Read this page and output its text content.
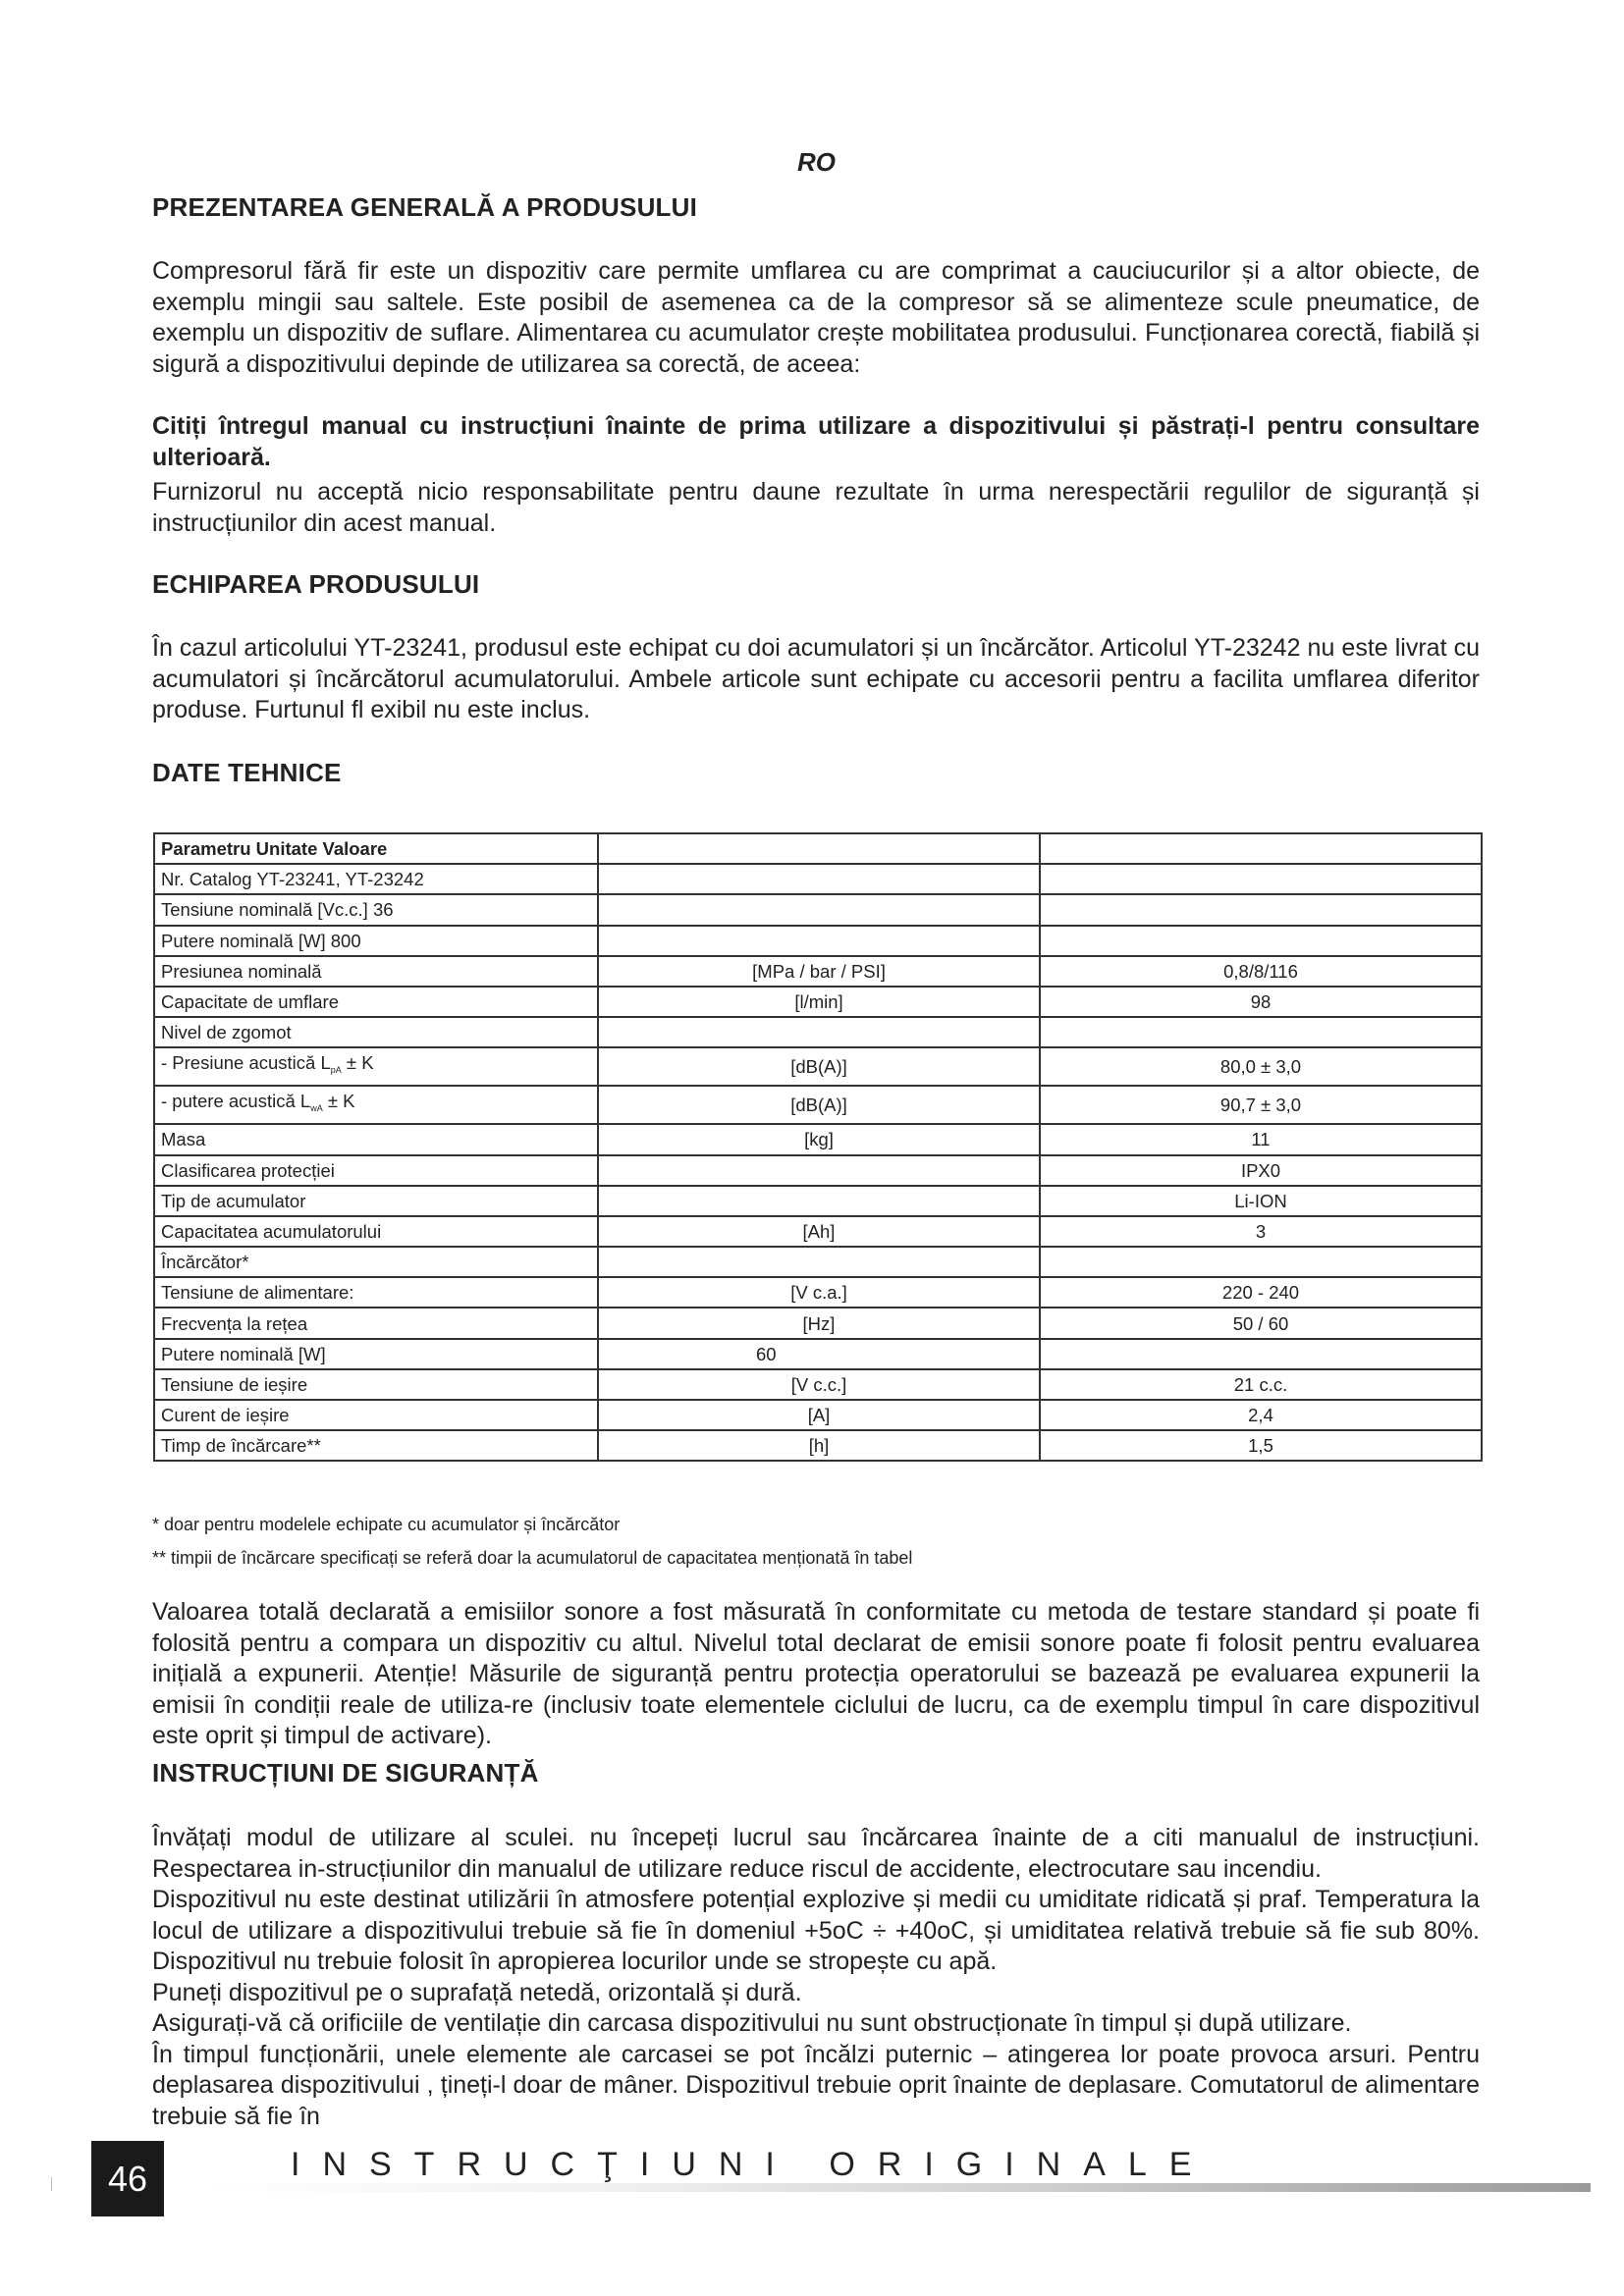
RO
PREZENTAREA GENERALĂ A PRODUSULUI

Compresorul fără fir este un dispozitiv care permite umflarea cu are comprimat a cauciucurilor și a altor obiecte, de exemplu mingii sau saltele. Este posibil de asemenea ca de la compresor să se alimenteze scule pneumatice, de exemplu un dispozitiv de suflare. Alimentarea cu acumulator crește mobilitatea produsului. Funcționarea corectă, fiabilă și sigură a dispozitivului depinde de utilizarea sa corectă, de aceea:

Citiți întregul manual cu instrucțiuni înainte de prima utilizare a dispozitivului și păstrați-l pentru consultare ulterioară.

Furnizorul nu acceptă nicio responsabilitate pentru daune rezultate în urma nerespectării regulilor de siguranță și instrucțiunilor din acest manual.

ECHIPAREA PRODUSULUI

În cazul articolului YT-23241, produsul este echipat cu doi acumulatori și un încărcător. Articolul YT-23242 nu este livrat cu acumulatori și încărcătorul acumulatorului. Ambele articole sunt echipate cu accesorii pentru a facilita umflarea diferitor produse. Furtunul fl exibil nu este inclus.

DATE TEHNICE
Parametru Unitate Valoare		
Nr. Catalog YT-23241, YT-23242		
Tensiune nominală [Vc.c.] 36		
Putere nominală [W] 800		
Presiunea nominală	[MPa / bar / PSI]	0,8/8/116
Capacitate de umflare	[l/min]	98
Nivel de zgomot		
- Presiune acustică $L_{pA} \pm K$	[dB(A)]	80,0 ± 3,0
- putere acustică $L_{wA} \pm K$	[dB(A)]	90,7 ± 3,0
Masa	[kg]	11
Clasificarea protecției		IPX0
Tip de acumulator		Li-ION
Capacitatea acumulatorului	[Ah]	3
Încărcător*		
Tensiune de alimentare:	[V c.a.]	220 - 240
Frecvența la rețea	[Hz]	50 / 60
Putere nominală [W]	60	
Tensiune de ieșire	[V c.c.]	21 c.c.
Curent de ieșire	[A]	2,4
Timp de încărcare**	[h]	1,5
* doar pentru modelele echipate cu acumulator și încărcător
** timpii de încărcare specificați se referă doar la acumulatorul de capacitatea menționată în tabel

Valoarea totală declarată a emisiilor sonore a fost măsurată în conformitate cu metoda de testare standard și poate fi folosită pentru a compara un dispozitiv cu altul. Nivelul total declarat de emisii sonore poate fi folosit pentru evaluarea inițială a expunerii. Atenție! Măsurile de siguranță pentru protecția operatorului se bazează pe evaluarea expunerii la emisii în condiții reale de utiliza-re (inclusiv toate elementele ciclului de lucru, ca de exemplu timpul în care dispozitivul este oprit și timpul de activare).

INSTRUCȚIUNI DE SIGURANȚĂ
Învățați modul de utilizare al sculei. nu începeți lucrul sau încărcarea înainte de a citi manualul de instrucțiuni. Respectarea in-strucțiunilor din manualul de utilizare reduce riscul de accidente, electrocutare sau incendiu.
Dispozitivul nu este destinat utilizării în atmosfere potențial explozive și medii cu umiditate ridicată și praf. Temperatura la locul de utilizare a dispozitivului trebuie să fie în domeniul +5oC ÷ +40oC, și umiditatea relativă trebuie să fie sub 80%. Dispozitivul nu trebuie folosit în apropierea locurilor unde se stropește cu apă.
Puneți dispozitivul pe o suprafață netedă, orizontală și dură.
Asigurați-vă că orificiile de ventilație din carcasa dispozitivului nu sunt obstrucționate în timpul și după utilizare.
În timpul funcționării, unele elemente ale carcasei se pot încălzi puternic – atingerea lor poate provoca arsuri. Pentru deplasarea dispozitivului , țineți-l doar de mâner. Dispozitivul trebuie oprit înainte de deplasare. Comutatorul de alimentare trebuie să fie în
46	INSTRUCŢIUNI ORIGINALE
